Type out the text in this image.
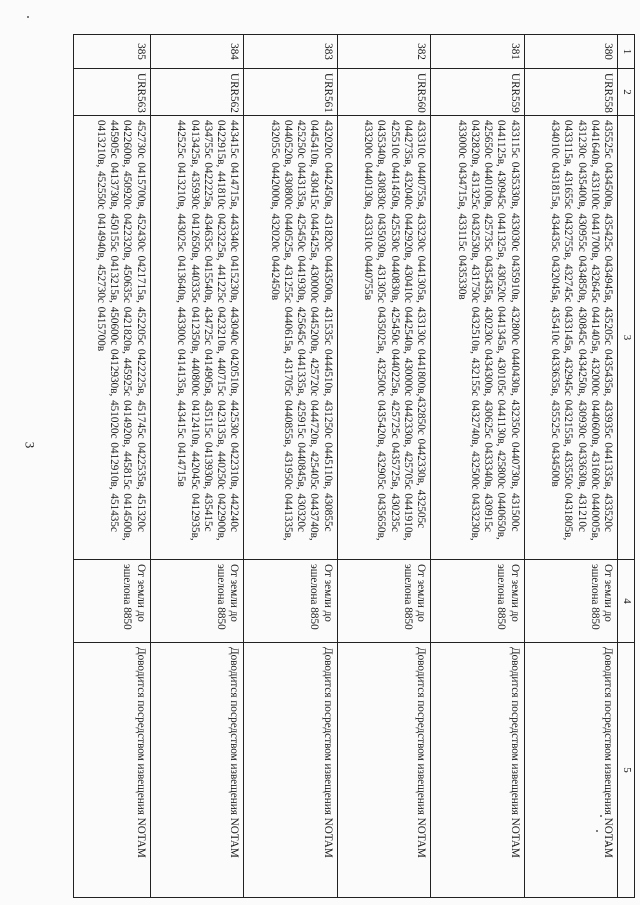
3
1	2	3	4	5
380	URR558	435525с 0434500в, 435425с 0434945в, 435205с 0435435в, 433935с 0441335в, 433520с 0441640в, 433100с 0441700в, 432645с 0441405в, 432000с 0440600в, 431600с 0440005в, 431230с 0435400в, 430955с 0434850в, 430845с 0434250в, 430930с 0433630в, 431210с 0433115в, 431655с 0432755в, 432745с 0433145в, 432945с 0432155в, 433550с 0431805в, 434010с 0431815в, 434435с 0432045в, 435410с 0433635в, 435525с 0434500в	От земли до эшелона 8850	Доводится посредством извещения NOTAM
381	URR559	433115с 0435330в, 433030с 0435910в, 432800с 0440430в, 432350с 0440730в, 431500с 0441125в, 430945с 0441325в, 430520с 0441345в, 430105с 0441130в, 425800с 0440650в, 425650с 0440100в, 425735с 0435435в, 430230с 0434300в, 430625с 0433340в, 430915с 0432820в, 431325с 0432530в, 431750с 0432510в, 432155с 0432740в, 432500с 0433230в, 433000с 0434715в, 433115с 0435330в	От земли до эшелона 8850	Доводится посредством извещения NOTAM
382	URR560	433310с 0440755в, 433230с 0441305в, 433130с 0441800в,432850с 0442330в, 432505с 0442735в, 432040с 0442920в, 430410с 0442540в, 430000с 0442330в, 425705с 0441910в, 425510с 0441450в, 425530с 0440830в, 425450с 0440225в, 425725с 0435725в, 430235с 0435340в, 430830с 0435030в, 431305с 0435025в, 432500с 0435420в, 432905с 0435650в, 433200с 0440130в, 433310с 0440755в	От земли до эшелона 8850	Доводится посредством извещения NOTAM
383	URR561	432020с 0442450в, 431820с 0443500в, 431535с 0444510в, 431250с 0445110в, 430855с 0445410в, 430415с 0445425в, 430000с 0445200в, 425720с 0444720в, 425405с 0443740в, 425250с 0443135в, 425450с 0441930в, 425645с 0441335в, 425915с 0440845в, 430320с 0440520в, 430800с 0440525в, 431255с 0440615в, 431705с 0440855в, 431950с 0441335в, 432055с 0442000в, 432020с 0442450в	От земли до эшелона 8850	Доводится посредством извещения NOTAM
384	URR562	443415с 0414715в, 443340с 0415230в, 443040с 0420510в, 442530с 0422310в, 442240с 0422915в, 441810с 0423225в, 441225с 0423210в, 440715с 0423135в, 440250с 0422900в, 434755с 0422225в, 434635с 0415540в, 434725с 0414905в, 435115с 0413930в, 435415с 0413425в, 435930с 0412650в, 440335с 0412350в, 440800с 0412410в, 442045с 0412935в, 442525с 0413210в, 443025с 0413640в, 443300с 0414135в, 443415с 0414715в	От земли до эшелона 8850	Доводится посредством извещения NOTAM
385	URR563	452730с 0415700в, 452430с 0421715в, 452205с 0422225в, 451745с 0422535в, 451320с 0422600в, 450920с 0422320в, 450635с 0421820в, 445925с 0414920в, 445815с 0414500в, 445905с 0413730в, 450155с 0413215в, 450600с 0412930в, 451020с 0412910в, 451435с 0413210в, 452550с 0414940в, 452730с 0415700в	От земли до эшелона 8850	Доводится посредством извещения NOTAM
